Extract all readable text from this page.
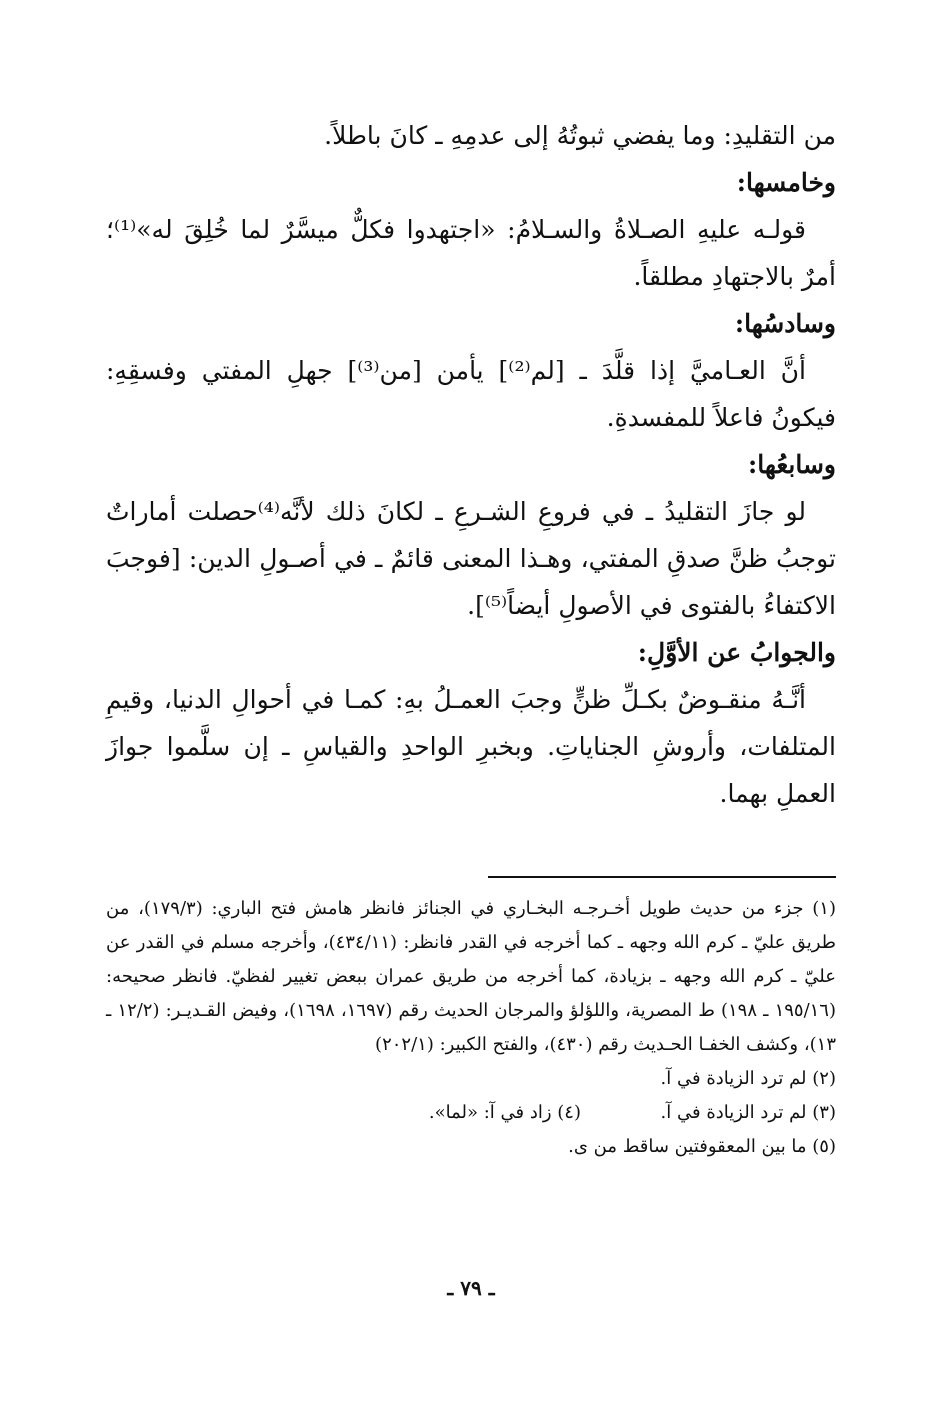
من التقليدِ: وما يفضي ثبوتُهُ إلى عدمِهِ ـ كانَ باطلاً.

وخامسها:

قولـه عليهِ الصـلاةُ والسـلامُ: «اجتهدوا فكلٌّ ميسَّرٌ لما خُلِقَ له»⁽¹⁾؛ أمرٌ بالاجتهادِ مطلقاً.

وسادسُها:

أنَّ العـاميَّ إذا قلَّدَ ـ [لم⁽²⁾] يأمن [من⁽³⁾] جهلِ المفتي وفسقِهِ: فيكونُ فاعلاً للمفسدةِ.

وسابعُها:

لو جازَ التقليدُ ـ في فروعِ الشـرعِ ـ لكانَ ذلك لأنَّه⁽⁴⁾حصلت أماراتٌ توجبُ ظنَّ صدقِ المفتي، وهـذا المعنى قائمٌ ـ في أصـولِ الدين: [فوجبَ الاكتفاءُ بالفتوى في الأصولِ أيضاً⁽⁵⁾].

والجوابُ عن الأوَّلِ:

أنَّـهُ منقـوضٌ بكـلِّ ظنٍّ وجبَ العمـلُ بهِ: كمـا في أحوالِ الدنيا، وقيمِ المتلفات، وأروشِ الجناياتِ. وبخبرِ الواحدِ والقياسِ ـ إن سلَّموا جوازَ العملِ بهما.

(١) جزء من حديث طويل أخـرجـه البخـاري في الجنائز فانظر هامش فتح الباري: (١٧٩/٣)، من طريق عليّ ـ كرم الله وجهه ـ كما أخرجه في القدر فانظر: (٤٣٤/١١)، وأخرجه مسلم في القدر عن عليّ ـ كرم الله وجهه ـ بزيادة، كما أخرجه من طريق عمران ببعض تغيير لفظيّ. فانظر صحيحه: (١٩٥/١٦ ـ ١٩٨) ط المصرية، واللؤلؤ والمرجان الحديث رقم (١٦٩٧، ١٦٩٨)، وفيض القـديـر: (١٢/٢ ـ ١٣)، وكشف الخفـا الحـديث رقم (٤٣٠)، والفتح الكبير: (٢٠٢/١)

(٢) لم ترد الزيادة في آ.

(٣) لم ترد الزيادة في آ.
(٤) زاد في آ: «لما».

(٥) ما بين المعقوفتين ساقط من ى.

ـ ٧٩ ـ
